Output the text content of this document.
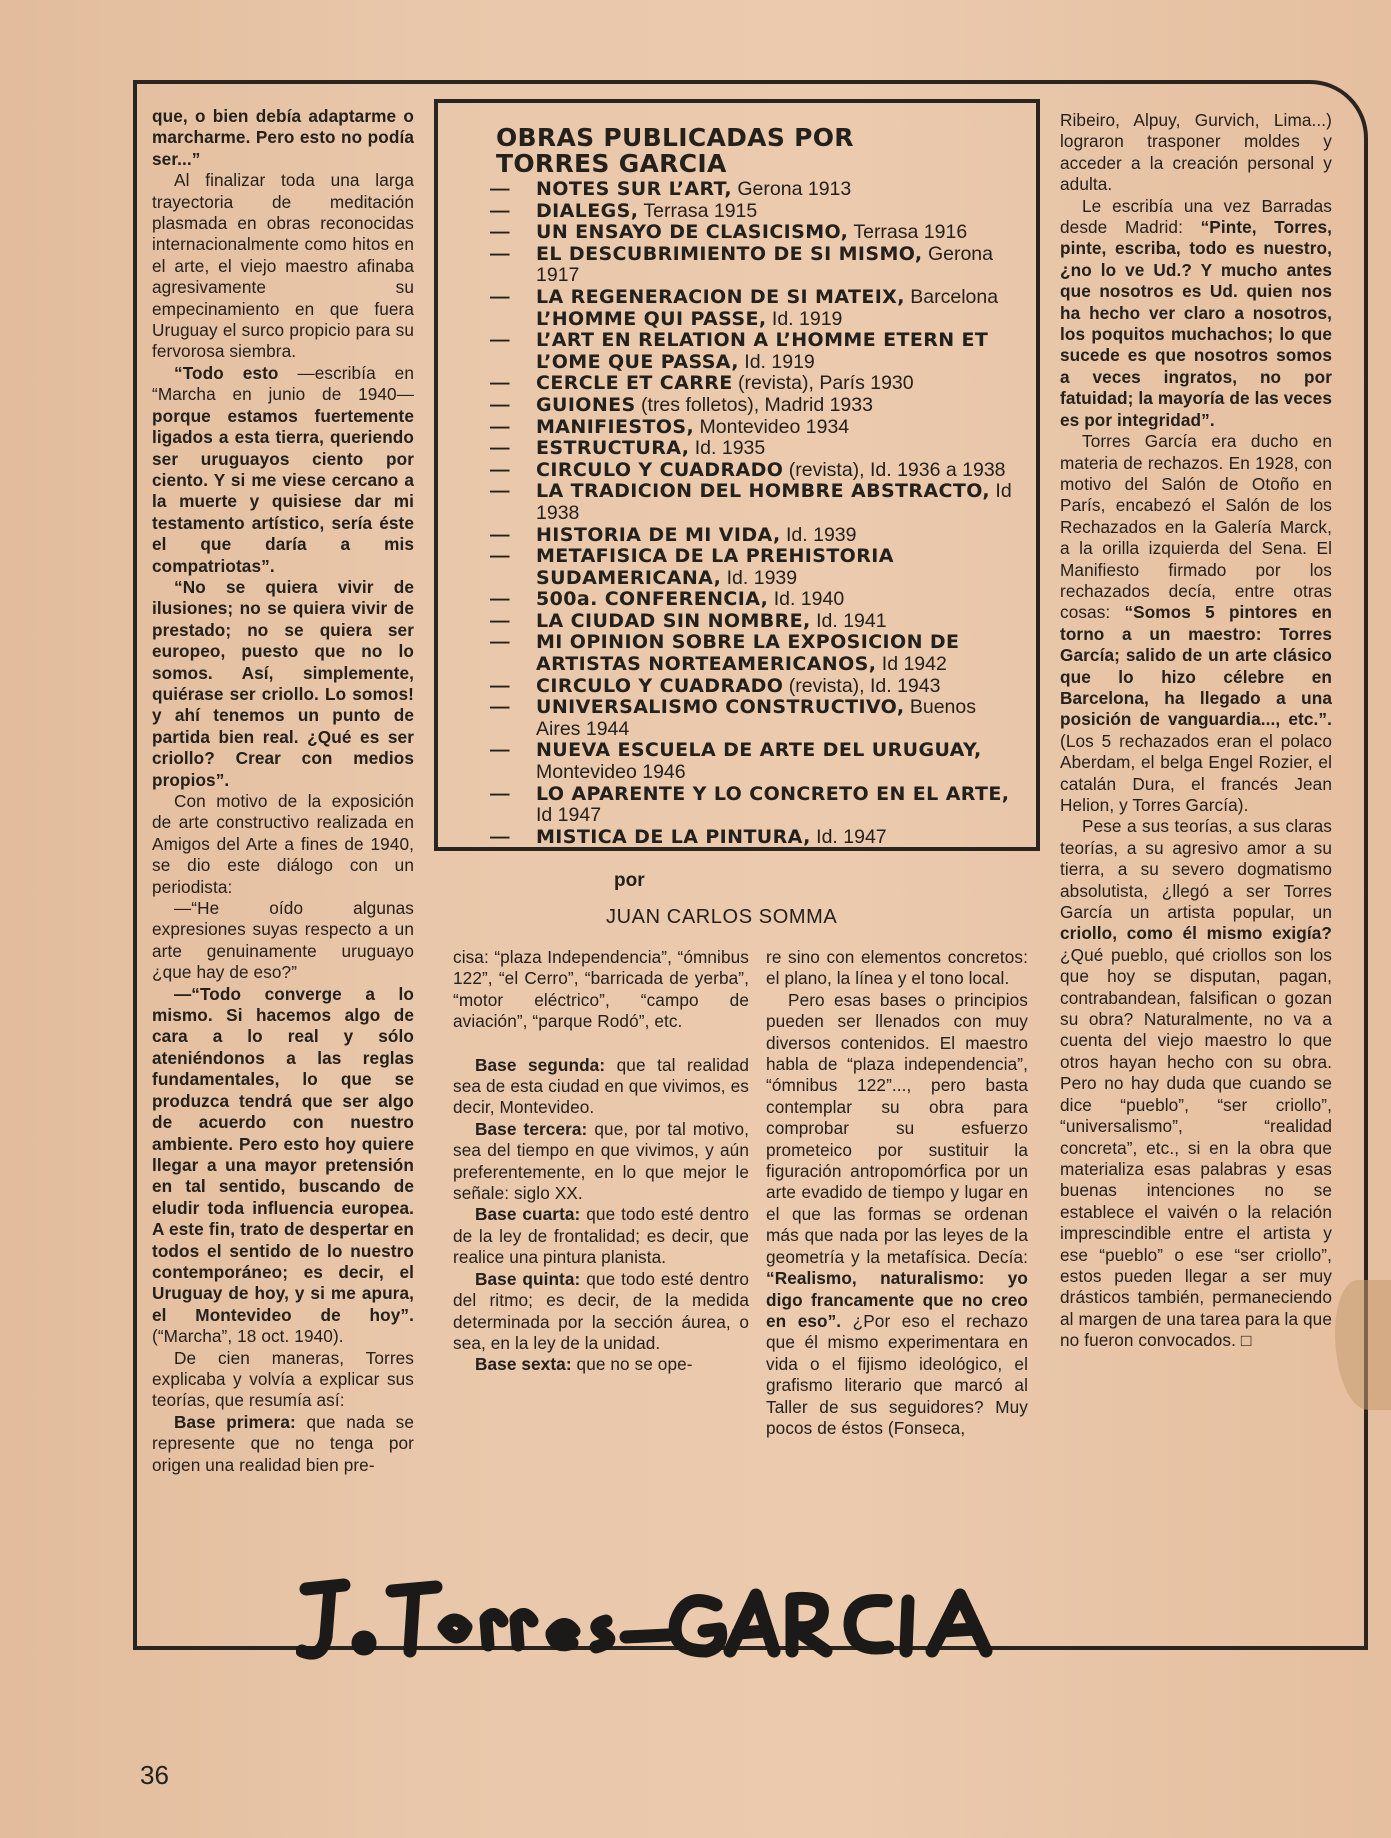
que, o bien debía adaptarme o marcharme. Pero esto no podía ser...”

Al finalizar toda una larga trayectoria de meditación plasmada en obras reconocidas internacionalmente como hitos en el arte, el viejo maestro afinaba agresivamente su empecinamiento en que fuera Uruguay el surco propicio para su fervorosa siembra.

“Todo esto —escribía en “Marcha en junio de 1940— porque estamos fuertemente ligados a esta tierra, queriendo ser uruguayos ciento por ciento. Y si me viese cercano a la muerte y quisiese dar mi testamento artístico, sería éste el que daría a mis compatriotas”.

“No se quiera vivir de ilusiones; no se quiera vivir de prestado; no se quiera ser europeo, puesto que no lo somos. Así, simplemente, quiérase ser criollo. Lo somos! y ahí tenemos un punto de partida bien real. ¿Qué es ser criollo? Crear con medios propios”.

Con motivo de la exposición de arte constructivo realizada en Amigos del Arte a fines de 1940, se dio este diálogo con un periodista:

—“He oído algunas expresiones suyas respecto a un arte genuinamente uruguayo ¿que hay de eso?”

—“Todo converge a lo mismo. Si hacemos algo de cara a lo real y sólo ateniéndonos a las reglas fundamentales, lo que se produzca tendrá que ser algo de acuerdo con nuestro ambiente. Pero esto hoy quiere llegar a una mayor pretensión en tal sentido, buscando de eludir toda influencia europea. A este fin, trato de despertar en todos el sentido de lo nuestro contemporáneo; es decir, el Uruguay de hoy, y si me apura, el Montevideo de hoy”. (“Marcha”, 18 oct. 1940).

De cien maneras, Torres explicaba y volvía a explicar sus teorías, que resumía así:

Base primera: que nada se represente que no tenga por origen una realidad bien pre-

OBRAS PUBLICADAS POR
TORRES GARCIA
— NOTES SUR L’ART, Gerona 1913
— DIALEGS, Terrasa 1915
— UN ENSAYO DE CLASICISMO, Terrasa 1916
— EL DESCUBRIMIENTO DE SI MISMO, Gerona 1917
— LA REGENERACION DE SI MATEIX, Barcelona
L’HOMME QUI PASSE, Id. 1919
— L’ART EN RELATION A L’HOMME ETERN ET L’OME QUE PASSA, Id. 1919
— CERCLE ET CARRE (revista), París 1930
— GUIONES (tres folletos), Madrid 1933
— MANIFIESTOS, Montevideo 1934
— ESTRUCTURA, Id. 1935
— CIRCULO Y CUADRADO (revista), Id. 1936 a 1938
— LA TRADICION DEL HOMBRE ABSTRACTO, Id 1938
— HISTORIA DE MI VIDA, Id. 1939
— METAFISICA DE LA PREHISTORIA SUDAMERICANA, Id. 1939
— 500a. CONFERENCIA, Id. 1940
— LA CIUDAD SIN NOMBRE, Id. 1941
— MI OPINION SOBRE LA EXPOSICION DE ARTISTAS NORTEAMERICANOS, Id 1942
— CIRCULO Y CUADRADO (revista), Id. 1943
— UNIVERSALISMO CONSTRUCTIVO, Buenos Aires 1944
— NUEVA ESCUELA DE ARTE DEL URUGUAY, Montevideo 1946
— LO APARENTE Y LO CONCRETO EN EL ARTE, Id 1947
— MISTICA DE LA PINTURA, Id. 1947
por
JUAN CARLOS SOMMA

cisa: “plaza Independencia”, “ómnibus 122”, “el Cerro”, “barricada de yerba”, “motor eléctrico”, “campo de aviación”, “parque Rodó”, etc.

Base segunda: que tal realidad sea de esta ciudad en que vivimos, es decir, Montevideo.

Base tercera: que, por tal motivo, sea del tiempo en que vivimos, y aún preferentemente, en lo que mejor le señale: siglo XX.

Base cuarta: que todo esté dentro de la ley de frontalidad; es decir, que realice una pintura planista.

Base quinta: que todo esté dentro del ritmo; es decir, de la medida determinada por la sección áurea, o sea, en la ley de la unidad.

Base sexta: que no se ope-

re sino con elementos concretos: el plano, la línea y el tono local.

Pero esas bases o principios pueden ser llenados con muy diversos contenidos. El maestro habla de “plaza independencia”, “ómnibus 122”..., pero basta contemplar su obra para comprobar su esfuerzo prometeico por sustituir la figuración antropomórfica por un arte evadido de tiempo y lugar en el que las formas se ordenan más que nada por las leyes de la geometría y la metafísica. Decía: “Realismo, naturalismo: yo digo francamente que no creo en eso”. ¿Por eso el rechazo que él mismo experimentara en vida o el fijismo ideológico, el grafismo literario que marcó al Taller de sus seguidores? Muy pocos de éstos (Fonseca,

Ribeiro, Alpuy, Gurvich, Lima...) lograron trasponer moldes y acceder a la creación personal y adulta.

Le escribía una vez Barradas desde Madrid: “Pinte, Torres, pinte, escriba, todo es nuestro, ¿no lo ve Ud.? Y mucho antes que nosotros es Ud. quien nos ha hecho ver claro a nosotros, los poquitos muchachos; lo que sucede es que nosotros somos a veces ingratos, no por fatuidad; la mayoría de las veces es por integridad”.

Torres García era ducho en materia de rechazos. En 1928, con motivo del Salón de Otoño en París, encabezó el Salón de los Rechazados en la Galería Marck, a la orilla izquierda del Sena. El Manifiesto firmado por los rechazados decía, entre otras cosas: “Somos 5 pintores en torno a un maestro: Torres García; salido de un arte clásico que lo hizo célebre en Barcelona, ha llegado a una posición de vanguardia..., etc.”. (Los 5 rechazados eran el polaco Aberdam, el belga Engel Rozier, el catalán Dura, el francés Jean Helion, y Torres García).

Pese a sus teorías, a sus claras teorías, a su agresivo amor a su tierra, a su severo dogmatismo absolutista, ¿llegó a ser Torres García un artista popular, un criollo, como él mismo exigía? ¿Qué pueblo, qué criollos son los que hoy se disputan, pagan, contrabandean, falsifican o gozan su obra? Naturalmente, no va a cuenta del viejo maestro lo que otros hayan hecho con su obra. Pero no hay duda que cuando se dice “pueblo”, “ser criollo”, “universalismo”, “realidad concreta”, etc., si en la obra que materializa esas palabras y esas buenas intenciones no se establece el vaivén o la relación imprescindible entre el artista y ese “pueblo” o ese “ser criollo”, estos pueden llegar a ser muy drásticos también, permaneciendo al margen de una tarea para la que no fueron convocados. □

36
